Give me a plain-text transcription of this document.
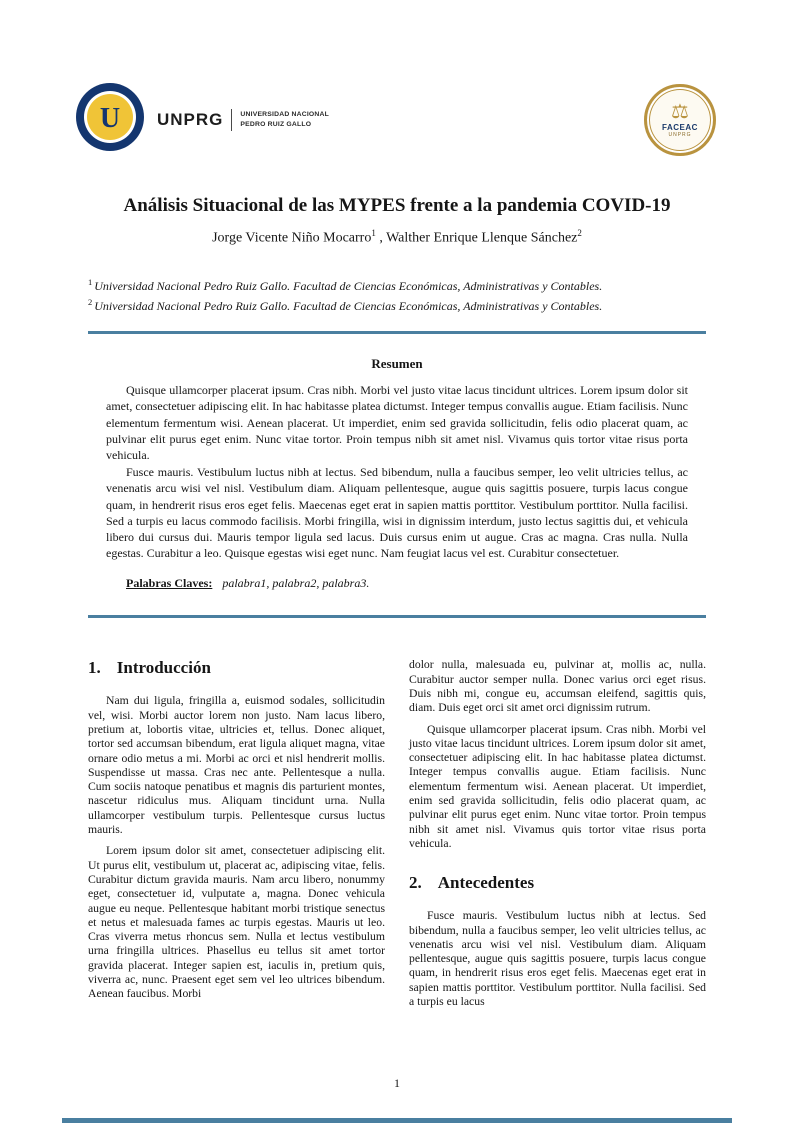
U UNPRG	UNIVERSIDAD NACIONAL
PEDRO RUIZ GALLO
⚖
FACEAC
UNPRG
Análisis Situacional de las MYPES frente a la pandemia COVID-19
Jorge Vicente Niño Mocarro$^1$ , Walther Enrique Llenque Sánchez$^2$
$^1$ Universidad Nacional Pedro Ruiz Gallo. Facultad de Ciencias Económicas, Administrativas y Contables.
$^2$ Universidad Nacional Pedro Ruiz Gallo. Facultad de Ciencias Económicas, Administrativas y Contables.
Resumen

Quisque ullamcorper placerat ipsum. Cras nibh. Morbi vel justo vitae lacus tincidunt ultrices. Lorem ipsum dolor sit amet, consectetuer adipiscing elit. In hac habitasse platea dictumst. Integer tempus convallis augue. Etiam facilisis. Nunc elementum fermentum wisi. Aenean placerat. Ut imperdiet, enim sed gravida sollicitudin, felis odio placerat quam, ac pulvinar elit purus eget enim. Nunc vitae tortor. Proin tempus nibh sit amet nisl. Vivamus quis tortor vitae risus porta vehicula.

Fusce mauris. Vestibulum luctus nibh at lectus. Sed bibendum, nulla a faucibus semper, leo velit ultricies tellus, ac venenatis arcu wisi vel nisl. Vestibulum diam. Aliquam pellentesque, augue quis sagittis posuere, turpis lacus congue quam, in hendrerit risus eros eget felis. Maecenas eget erat in sapien mattis porttitor. Vestibulum porttitor. Nulla facilisi. Sed a turpis eu lacus commodo facilisis. Morbi fringilla, wisi in dignissim interdum, justo lectus sagittis dui, et vehicula libero dui cursus dui. Mauris tempor ligula sed lacus. Duis cursus enim ut augue. Cras ac magna. Cras nulla. Nulla egestas. Curabitur a leo. Quisque egestas wisi eget nunc. Nam feugiat lacus vel est. Curabitur consectetuer.

Palabras Claves: palabra1, palabra2, palabra3.
1. Introducción

Nam dui ligula, fringilla a, euismod sodales, sollicitudin vel, wisi. Morbi auctor lorem non justo. Nam lacus libero, pretium at, lobortis vitae, ultricies et, tellus. Donec aliquet, tortor sed accumsan bibendum, erat ligula aliquet magna, vitae ornare odio metus a mi. Morbi ac orci et nisl hendrerit mollis. Suspendisse ut massa. Cras nec ante. Pellentesque a nulla. Cum sociis natoque penatibus et magnis dis parturient montes, nascetur ridiculus mus. Aliquam tincidunt urna. Nulla ullamcorper vestibulum turpis. Pellentesque cursus luctus mauris.

Lorem ipsum dolor sit amet, consectetuer adipiscing elit. Ut purus elit, vestibulum ut, placerat ac, adipiscing vitae, felis. Curabitur dictum gravida mauris. Nam arcu libero, nonummy eget, consectetuer id, vulputate a, magna. Donec vehicula augue eu neque. Pellentesque habitant morbi tristique senectus et netus et malesuada fames ac turpis egestas. Mauris ut leo. Cras viverra metus rhoncus sem. Nulla et lectus vestibulum urna fringilla ultrices. Phasellus eu tellus sit amet tortor gravida placerat. Integer sapien est, iaculis in, pretium quis, viverra ac, nunc. Praesent eget sem vel leo ultrices bibendum. Aenean faucibus. Morbi

dolor nulla, malesuada eu, pulvinar at, mollis ac, nulla. Curabitur auctor semper nulla. Donec varius orci eget risus. Duis nibh mi, congue eu, accumsan eleifend, sagittis quis, diam. Duis eget orci sit amet orci dignissim rutrum.

Quisque ullamcorper placerat ipsum. Cras nibh. Morbi vel justo vitae lacus tincidunt ultrices. Lorem ipsum dolor sit amet, consectetuer adipiscing elit. In hac habitasse platea dictumst. Integer tempus convallis augue. Etiam facilisis. Nunc elementum fermentum wisi. Aenean placerat. Ut imperdiet, enim sed gravida sollicitudin, felis odio placerat quam, ac pulvinar elit purus eget enim. Nunc vitae tortor. Proin tempus nibh sit amet nisl. Vivamus quis tortor vitae risus porta vehicula.

2. Antecedentes

Fusce mauris. Vestibulum luctus nibh at lectus. Sed bibendum, nulla a faucibus semper, leo velit ultricies tellus, ac venenatis arcu wisi vel nisl. Vestibulum diam. Aliquam pellentesque, augue quis sagittis posuere, turpis lacus congue quam, in hendrerit risus eros eget felis. Maecenas eget erat in sapien mattis porttitor. Vestibulum porttitor. Nulla facilisi. Sed a turpis eu lacus

1
